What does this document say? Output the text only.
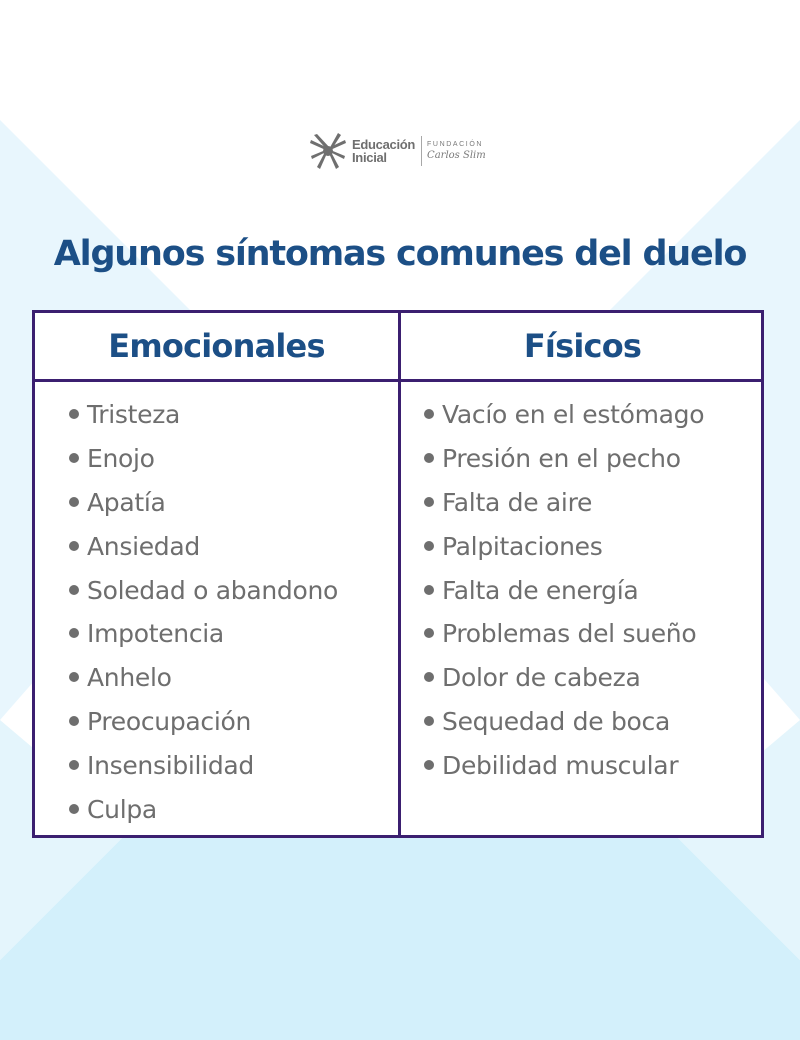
Educación
Inicial
FUNDACIÓN
Carlos Slim
Algunos síntomas comunes del duelo
Emocionales	Físicos
Tristeza
Enojo
Apatía
Ansiedad
Soledad o abandono
Impotencia
Anhelo
Preocupación
Insensibilidad
Culpa
Vacío en el estómago
Presión en el pecho
Falta de aire
Palpitaciones
Falta de energía
Problemas del sueño
Dolor de cabeza
Sequedad de boca
Debilidad muscular
